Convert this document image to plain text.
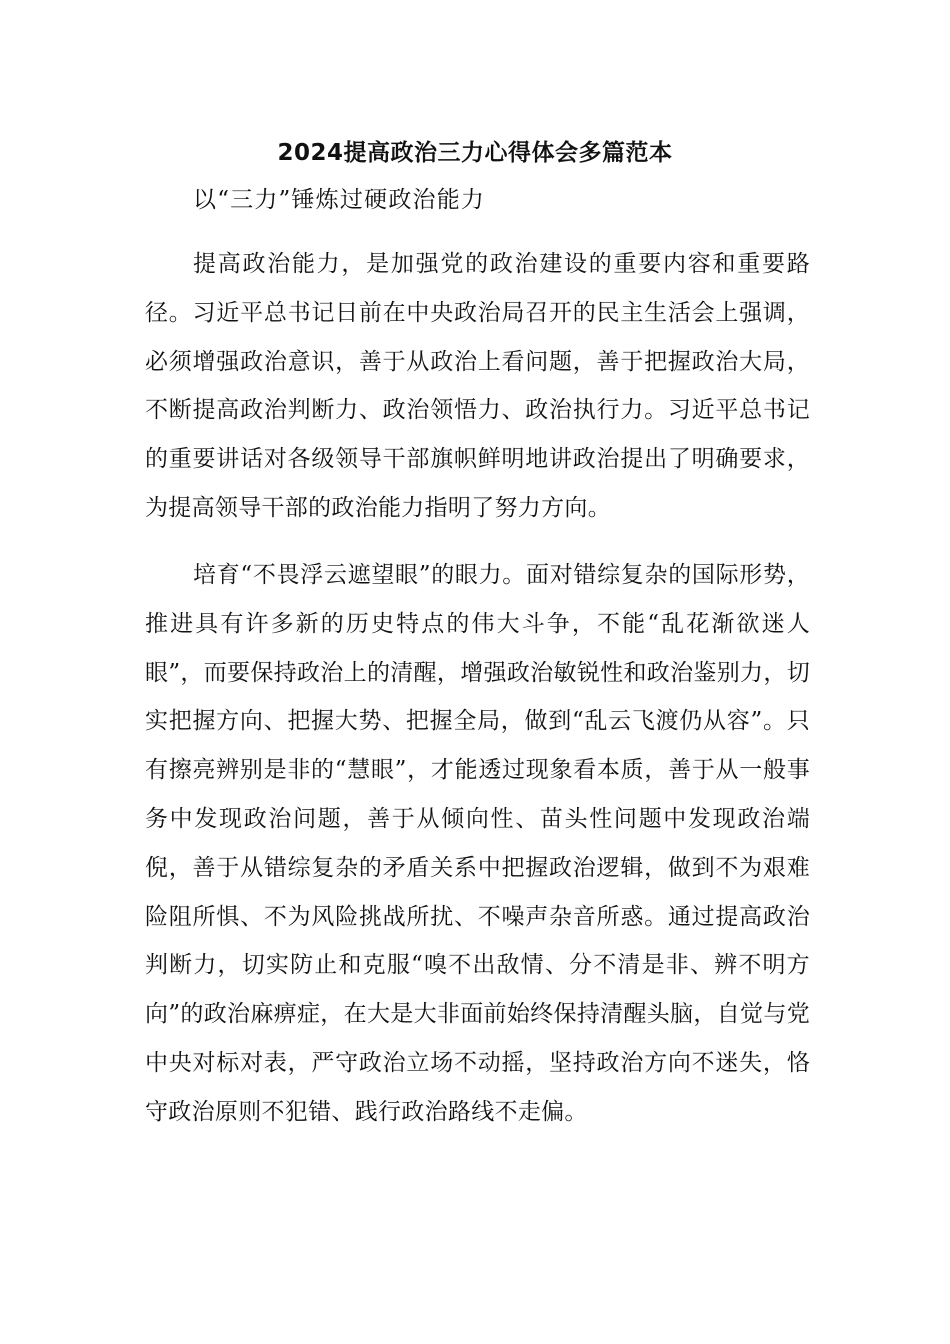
2024提高政治三力心得体会多篇范本
以“三力”锤炼过硬政治能力

提高政治能力，是加强党的政治建设的重要内容和重要路径。习近平总书记日前在中央政治局召开的民主生活会上强调，必须增强政治意识，善于从政治上看问题，善于把握政治大局，不断提高政治判断力、政治领悟力、政治执行力。习近平总书记的重要讲话对各级领导干部旗帜鲜明地讲政治提出了明确要求，为提高领导干部的政治能力指明了努力方向。

培育“不畏浮云遮望眼”的眼力。面对错综复杂的国际形势，推进具有许多新的历史特点的伟大斗争，不能“乱花渐欲迷人眼”，而要保持政治上的清醒，增强政治敏锐性和政治鉴别力，切实把握方向、把握大势、把握全局，做到“乱云飞渡仍从容”。只有擦亮辨别是非的“慧眼”，才能透过现象看本质，善于从一般事务中发现政治问题，善于从倾向性、苗头性问题中发现政治端倪，善于从错综复杂的矛盾关系中把握政治逻辑，做到不为艰难险阻所惧、不为风险挑战所扰、不噪声杂音所惑。通过提高政治判断力，切实防止和克服“嗅不出敌情、分不清是非、辨不明方向”的政治麻痹症，在大是大非面前始终保持清醒头脑，自觉与党中央对标对表，严守政治立场不动摇，坚持政治方向不迷失，恪守政治原则不犯错、践行政治路线不走偏。
